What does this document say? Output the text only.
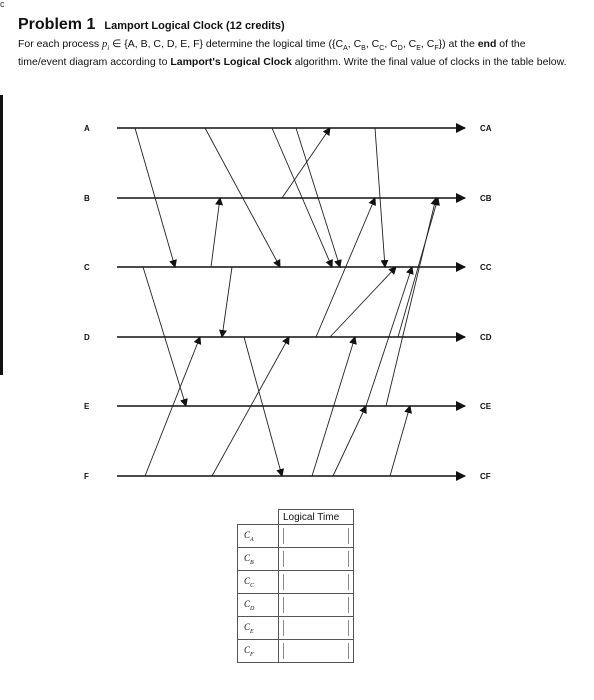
c
Problem 1 Lamport Logical Clock (12 credits)
For each process $p_i$ ∈ {A, B, C, D, E, F} determine the logical time ({$C_A$, $C_B$, $C_C$, $C_D$, $C_E$, $C_F$}) at the end of the time/event diagram according to Lamport's Logical Clock algorithm. Write the final value of clocks in the table below.
A	CA
B	CB
C	CC
D	CD
E	CE
F	CF
	Logical Time
$C_A$	

$C_B$	

$C_C$	

$C_D$	

$C_E$	

$C_F$	
